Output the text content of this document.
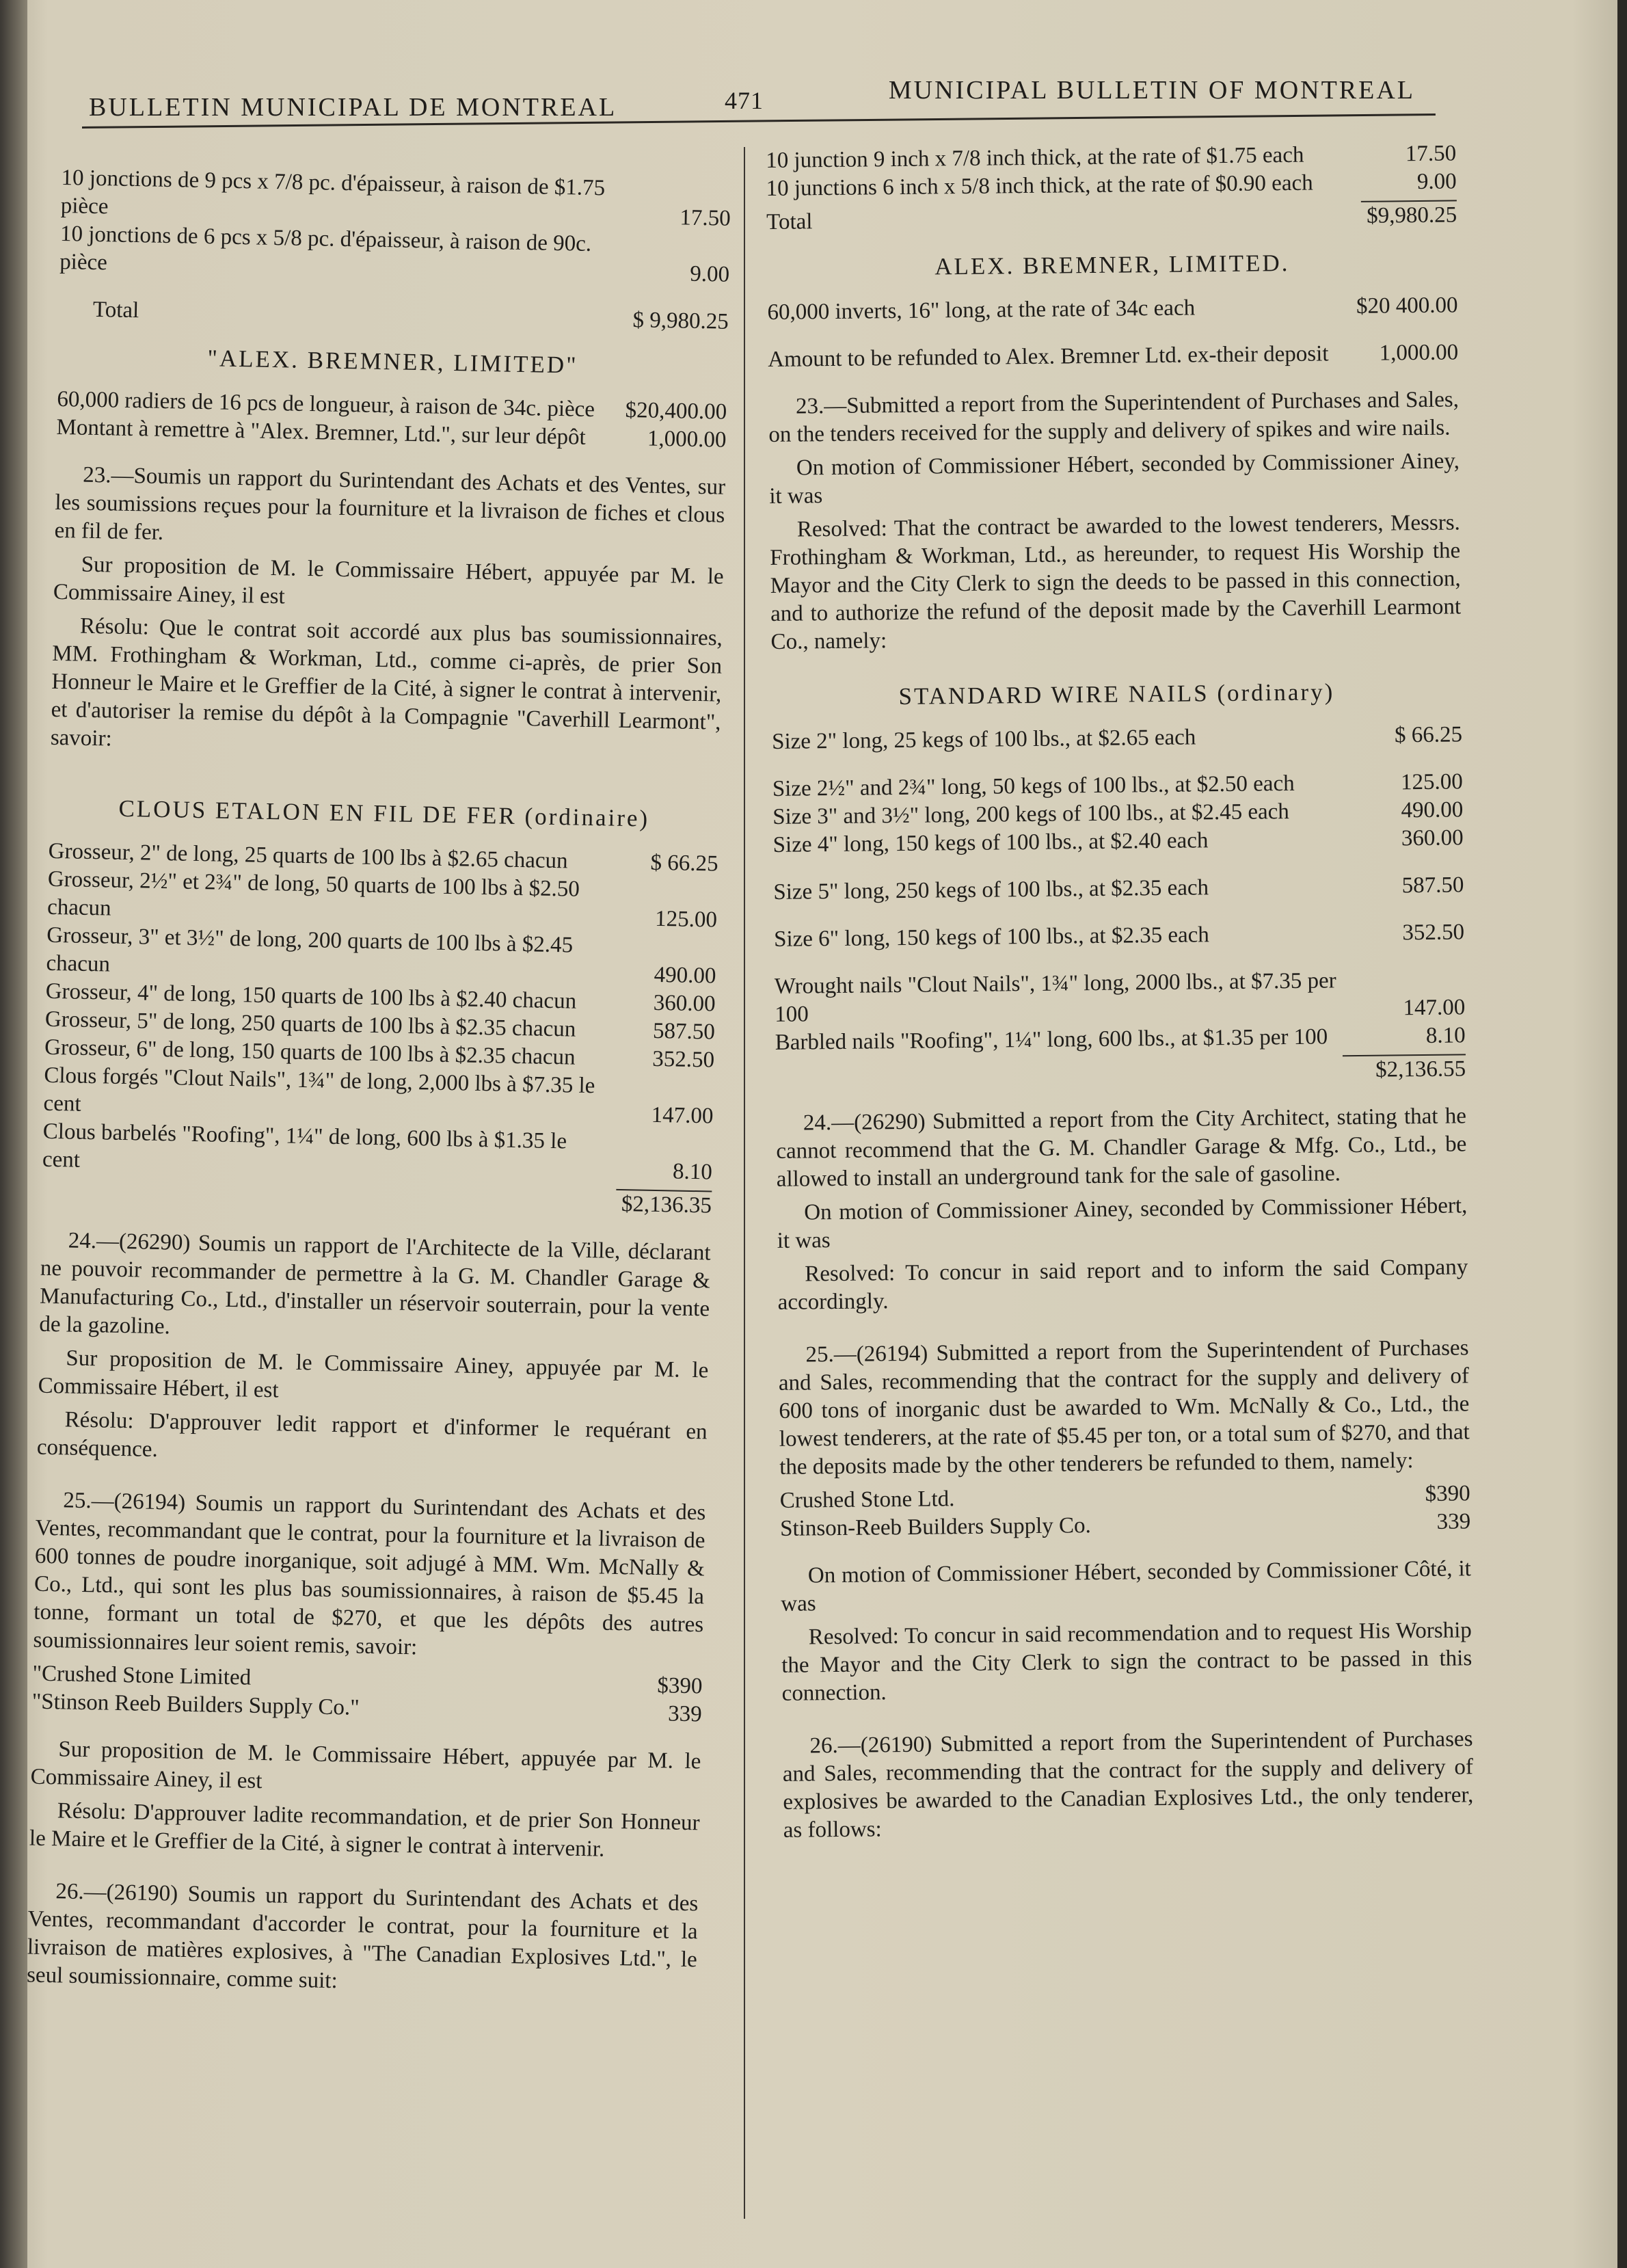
BULLETIN MUNICIPAL DE MONTREAL	471	MUNICIPAL BULLETIN OF MONTREAL
10 jonctions de 9 pcs x 7/8 pc. d'épaisseur, à raison de $1.75 pièce	17.50
10 jonctions de 6 pcs x 5/8 pc. d'épaisseur, à raison de 90c. pièce	9.00
Total	$ 9,980.25
"ALEX. BREMNER, LIMITED"
60,000 radiers de 16 pcs de longueur, à raison de 34c. pièce	$20,400.00
Montant à remettre à "Alex. Bremner, Ltd.", sur leur dépôt	1,000.00

23.—Soumis un rapport du Surintendant des Achats et des Ventes, sur les soumissions reçues pour la fourniture et la livraison de fiches et clous en fil de fer.

Sur proposition de M. le Commissaire Hébert, appuyée par M. le Commissaire Ainey, il est

Résolu: Que le contrat soit accordé aux plus bas soumissionnaires, MM. Frothingham & Workman, Ltd., comme ci-après, de prier Son Honneur le Maire et le Greffier de la Cité, à signer le contrat à intervenir, et d'autoriser la remise du dépôt à la Compagnie "Caverhill Learmont", savoir:

CLOUS ETALON EN FIL DE FER (ordinaire)
Grosseur, 2" de long, 25 quarts de 100 lbs à $2.65 chacun	$ 66.25
Grosseur, 2½" et 2¾" de long, 50 quarts de 100 lbs à $2.50 chacun	125.00
Grosseur, 3" et 3½" de long, 200 quarts de 100 lbs à $2.45 chacun	490.00
Grosseur, 4" de long, 150 quarts de 100 lbs à $2.40 chacun	360.00
Grosseur, 5" de long, 250 quarts de 100 lbs à $2.35 chacun	587.50
Grosseur, 6" de long, 150 quarts de 100 lbs à $2.35 chacun	352.50
Clous forgés "Clout Nails", 1¾" de long, 2,000 lbs à $7.35 le cent	147.00
Clous barbelés "Roofing", 1¼" de long, 600 lbs à $1.35 le cent	8.10
$2,136.35

24.—(26290) Soumis un rapport de l'Architecte de la Ville, déclarant ne pouvoir recommander de permettre à la G. M. Chandler Garage & Manufacturing Co., Ltd., d'installer un réservoir souterrain, pour la vente de la gazoline.

Sur proposition de M. le Commissaire Ainey, appuyée par M. le Commissaire Hébert, il est

Résolu: D'approuver ledit rapport et d'informer le requérant en conséquence.

25.—(26194) Soumis un rapport du Surintendant des Achats et des Ventes, recommandant que le contrat, pour la fourniture et la livraison de 600 tonnes de poudre inorganique, soit adjugé à MM. Wm. McNally & Co., Ltd., qui sont les plus bas soumissionnaires, à raison de $5.45 la tonne, formant un total de $270, et que les dépôts des autres soumissionnaires leur soient remis, savoir:

"Crushed Stone Limited	$390
"Stinson Reeb Builders Supply Co."	339

Sur proposition de M. le Commissaire Hébert, appuyée par M. le Commissaire Ainey, il est

Résolu: D'approuver ladite recommandation, et de prier Son Honneur le Maire et le Greffier de la Cité, à signer le contrat à intervenir.

26.—(26190) Soumis un rapport du Surintendant des Achats et des Ventes, recommandant d'accorder le contrat, pour la fourniture et la livraison de matières explosives, à "The Canadian Explosives Ltd.", le seul soumissionnaire, comme suit:

10 junction 9 inch x 7/8 inch thick, at the rate of $1.75 each	17.50
10 junctions 6 inch x 5/8 inch thick, at the rate of $0.90 each	9.00
Total	$9,980.25
ALEX. BREMNER, LIMITED.
60,000 inverts, 16" long, at the rate of 34c each	$20 400.00
Amount to be refunded to Alex. Bremner Ltd. ex-their deposit	1,000.00

23.—Submitted a report from the Superintendent of Purchases and Sales, on the tenders received for the supply and delivery of spikes and wire nails.

On motion of Commissioner Hébert, seconded by Commissioner Ainey, it was

Resolved: That the contract be awarded to the lowest tenderers, Messrs. Frothingham & Workman, Ltd., as hereunder, to request His Worship the Mayor and the City Clerk to sign the deeds to be passed in this connection, and to authorize the refund of the deposit made by the Caverhill Learmont Co., namely:

STANDARD WIRE NAILS (ordinary)
Size 2" long, 25 kegs of 100 lbs., at $2.65 each	$ 66.25
Size 2½" and 2¾" long, 50 kegs of 100 lbs., at $2.50 each	125.00
Size 3" and 3½" long, 200 kegs of 100 lbs., at $2.45 each	490.00
Size 4" long, 150 kegs of 100 lbs., at $2.40 each	360.00
Size 5" long, 250 kegs of 100 lbs., at $2.35 each	587.50
Size 6" long, 150 kegs of 100 lbs., at $2.35 each	352.50
Wrought nails "Clout Nails", 1¾" long, 2000 lbs., at $7.35 per 100	147.00
Barbled nails "Roofing", 1¼" long, 600 lbs., at $1.35 per 100	8.10
$2,136.55

24.—(26290) Submitted a report from the City Architect, stating that he cannot recommend that the G. M. Chandler Garage & Mfg. Co., Ltd., be allowed to install an underground tank for the sale of gasoline.

On motion of Commissioner Ainey, seconded by Commissioner Hébert, it was

Resolved: To concur in said report and to inform the said Company accordingly.

25.—(26194) Submitted a report from the Superintendent of Purchases and Sales, recommending that the contract for the supply and delivery of 600 tons of inorganic dust be awarded to Wm. McNally & Co., Ltd., the lowest tenderers, at the rate of $5.45 per ton, or a total sum of $270, and that the deposits made by the other tenderers be refunded to them, namely:

Crushed Stone Ltd.	$390
Stinson-Reeb Builders Supply Co.	339

On motion of Commissioner Hébert, seconded by Commissioner Côté, it was

Resolved: To concur in said recommendation and to request His Worship the Mayor and the City Clerk to sign the contract to be passed in this connection.

26.—(26190) Submitted a report from the Superintendent of Purchases and Sales, recommending that the contract for the supply and delivery of explosives be awarded to the Canadian Explosives Ltd., the only tenderer, as follows:
